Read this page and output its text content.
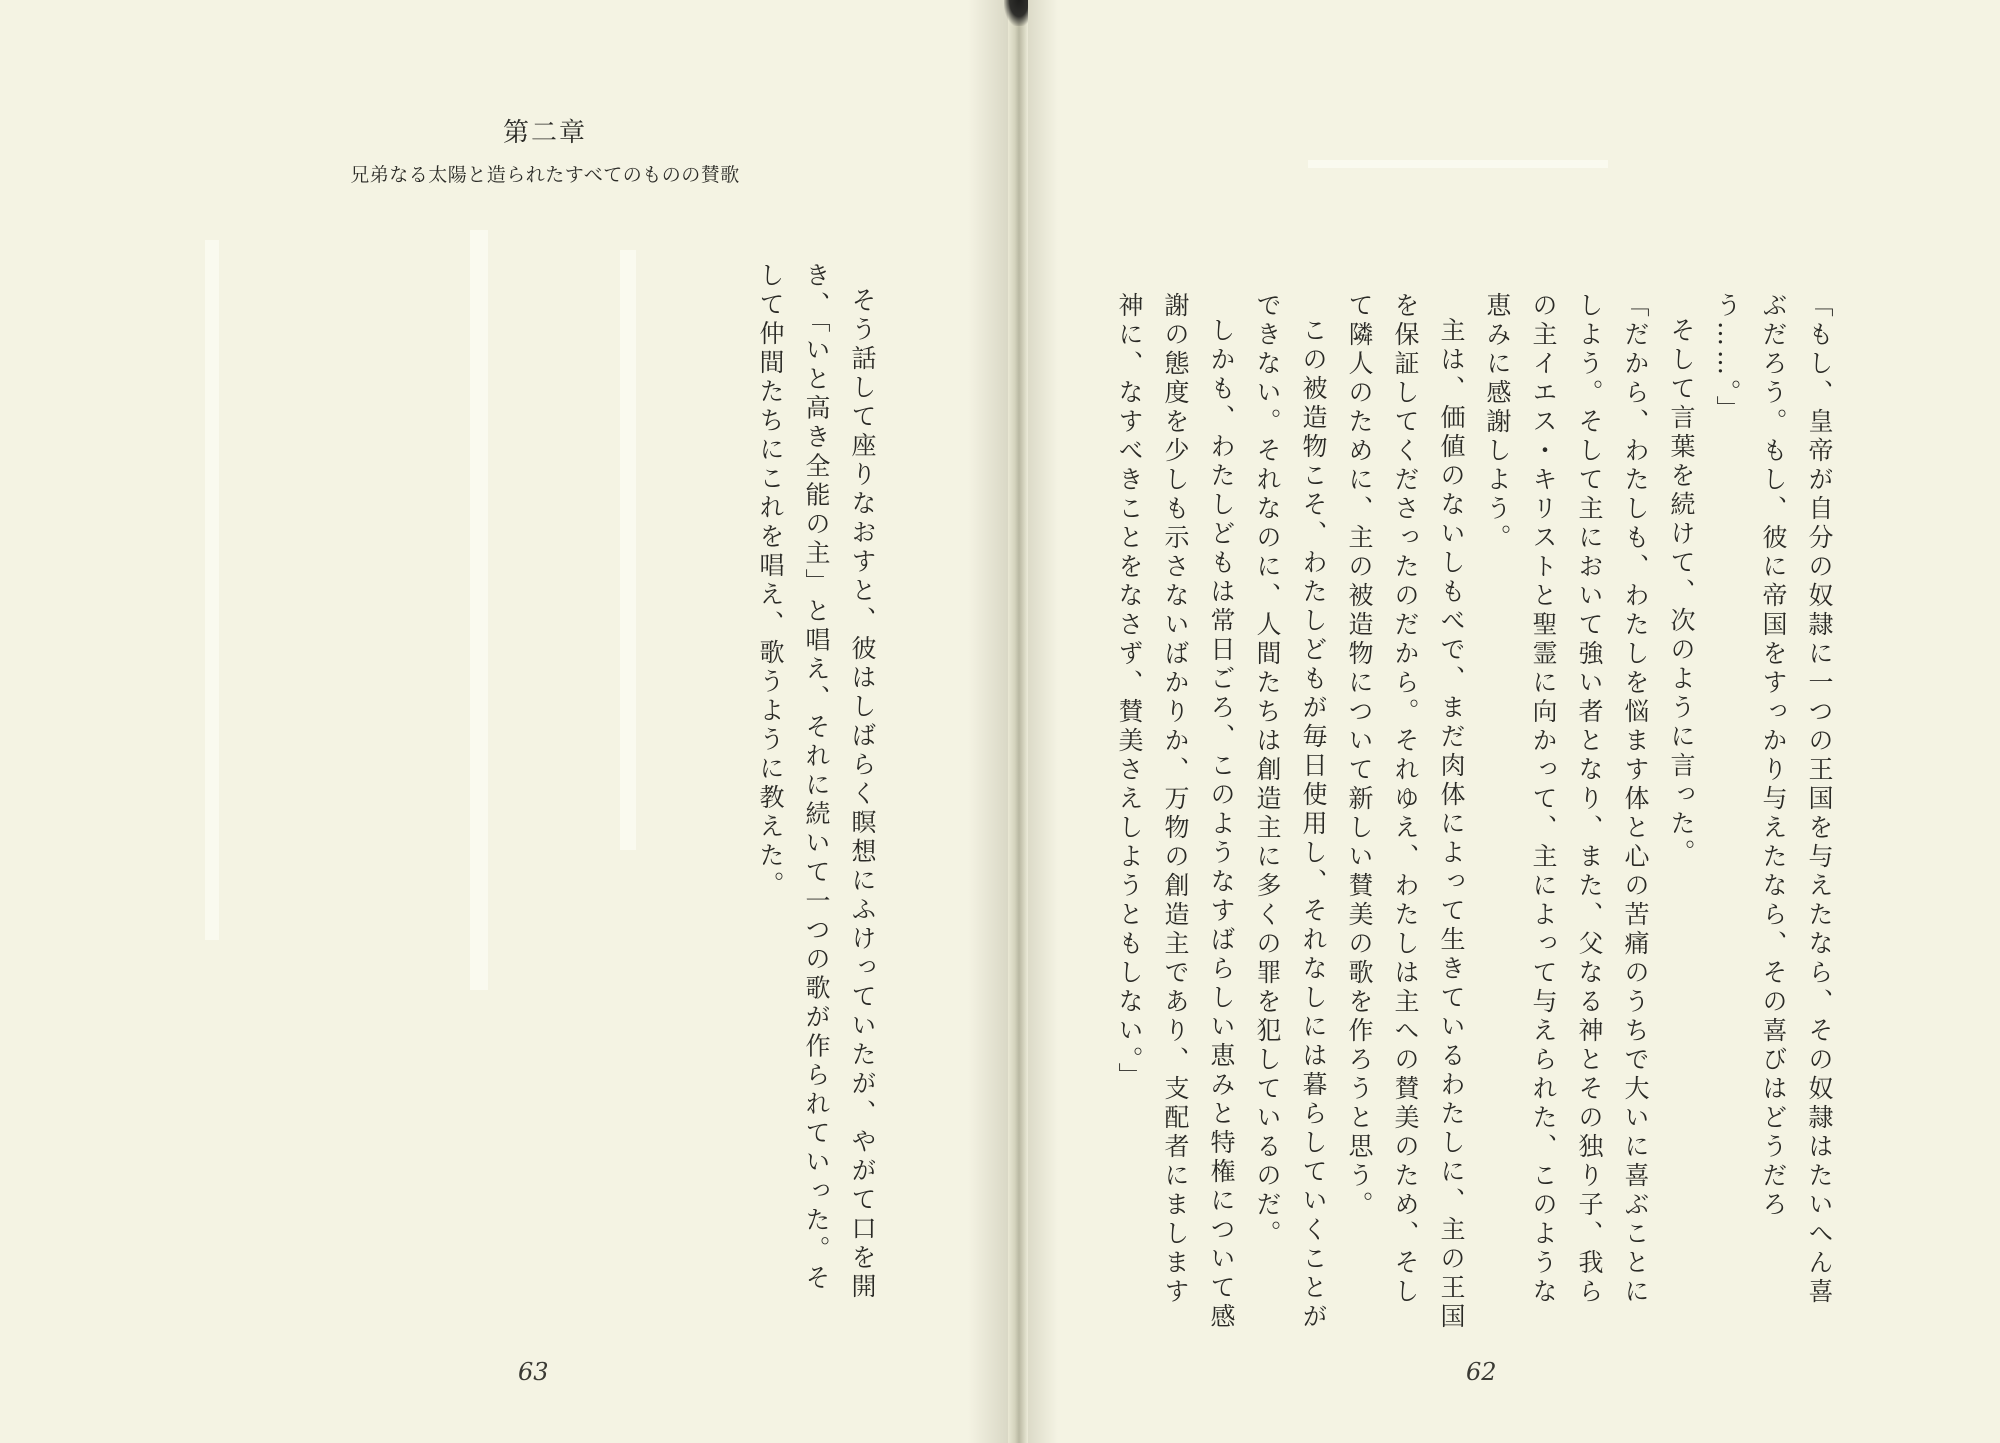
第二章
兄弟なる太陽と造られたすべてのものの賛歌

そう話して座りなおすと、彼はしばらく瞑想にふけっていたが、やがて口を開き、「いと高き全能の主」と唱え、それに続いて一つの歌が作られていった。そして仲間たちにこれを唱え、歌うように教えた。

63

「もし、皇帝が自分の奴隷に一つの王国を与えたなら、その奴隷はたいへん喜ぶだろう。もし、彼に帝国をすっかり与えたなら、その喜びはどうだろう……。」

そして言葉を続けて、次のように言った。

「だから、わたしも、わたしを悩ます体と心の苦痛のうちで大いに喜ぶことにしよう。そして主において強い者となり、また、父なる神とその独り子、我らの主イエス・キリストと聖霊に向かって、主によって与えられた、このような恵みに感謝しよう。

主は、価値のないしもべで、まだ肉体によって生きているわたしに、主の王国を保証してくださったのだから。それゆえ、わたしは主への賛美のため、そして隣人のために、主の被造物について新しい賛美の歌を作ろうと思う。

この被造物こそ、わたしどもが毎日使用し、それなしには暮らしていくことができない。それなのに、人間たちは創造主に多くの罪を犯しているのだ。

しかも、わたしどもは常日ごろ、このようなすばらしい恵みと特権について感謝の態度を少しも示さないばかりか、万物の創造主であり、支配者にまします神に、なすべきことをなさず、賛美さえしようともしない。」

62
